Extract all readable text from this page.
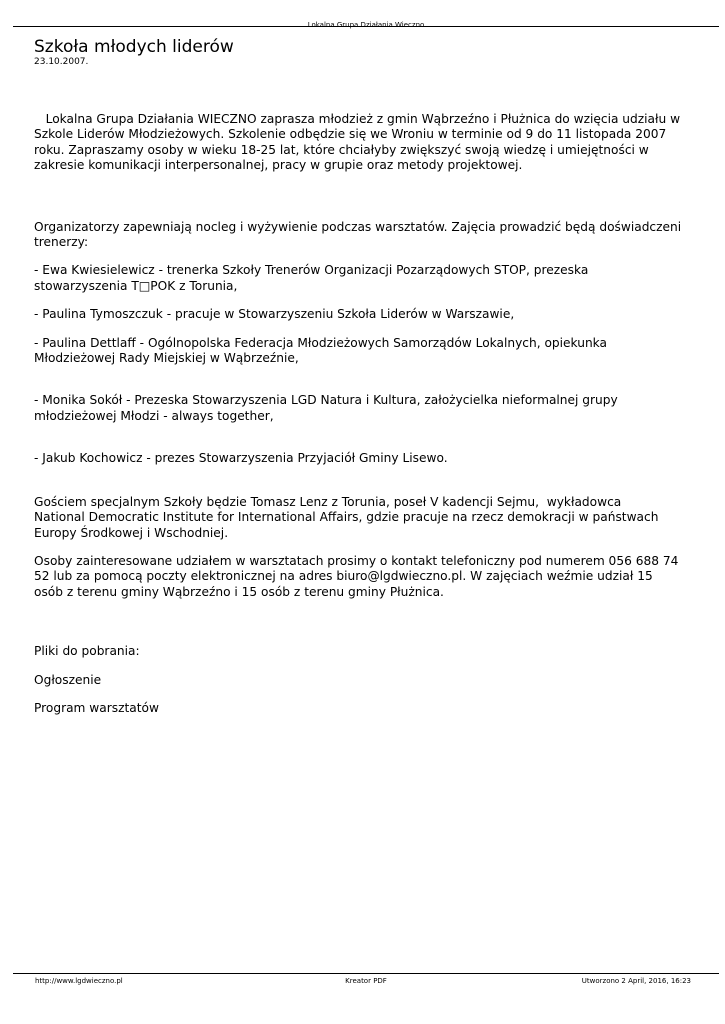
Lokalna Grupa Działania Wieczno
Szkoła młodych liderów

23.10.2007.

Lokalna Grupa Działania WIECZNO zaprasza młodzież z gmin Wąbrzeźno i Płużnica do wzięcia udziału w

Szkole Liderów Młodzieżowych. Szkolenie odbędzie się we Wroniu w terminie od 9 do 11 listopada 2007

roku. Zapraszamy osoby w wieku 18-25 lat, które chciałyby zwiększyć swoją wiedzę i umiejętności w

zakresie komunikacji interpersonalnej, pracy w grupie oraz metody projektowej.

Organizatorzy zapewniają nocleg i wyżywienie podczas warsztatów. Zajęcia prowadzić będą doświadczeni

trenerzy:

- Ewa Kwiesielewicz - trenerka Szkoły Trenerów Organizacji Pozarządowych STOP, prezeska

stowarzyszenia T□POK z Torunia,

- Paulina Tymoszczuk - pracuje w Stowarzyszeniu Szkoła Liderów w Warszawie,

- Paulina Dettlaff - Ogólnopolska Federacja Młodzieżowych Samorządów Lokalnych, opiekunka

Młodzieżowej Rady Miejskiej w Wąbrzeźnie,

- Monika Sokół - Prezeska Stowarzyszenia LGD Natura i Kultura, założycielka nieformalnej grupy

młodzieżowej Młodzi - always together,

- Jakub Kochowicz - prezes Stowarzyszenia Przyjaciół Gminy Lisewo.

Gościem specjalnym Szkoły będzie Tomasz Lenz z Torunia, poseł V kadencji Sejmu,  wykładowca

National Democratic Institute for International Affairs, gdzie pracuje na rzecz demokracji w państwach

Europy Środkowej i Wschodniej.

Osoby zainteresowane udziałem w warsztatach prosimy o kontakt telefoniczny pod numerem 056 688 74

52 lub za pomocą poczty elektronicznej na adres biuro@lgdwieczno.pl. W zajęciach weźmie udział 15

osób z terenu gminy Wąbrzeźno i 15 osób z terenu gminy Płużnica.

Pliki do pobrania:

Ogłoszenie

Program warsztatów

http://www.lgdwieczno.pl	Kreator PDF	Utworzono 2 April, 2016, 16:23
